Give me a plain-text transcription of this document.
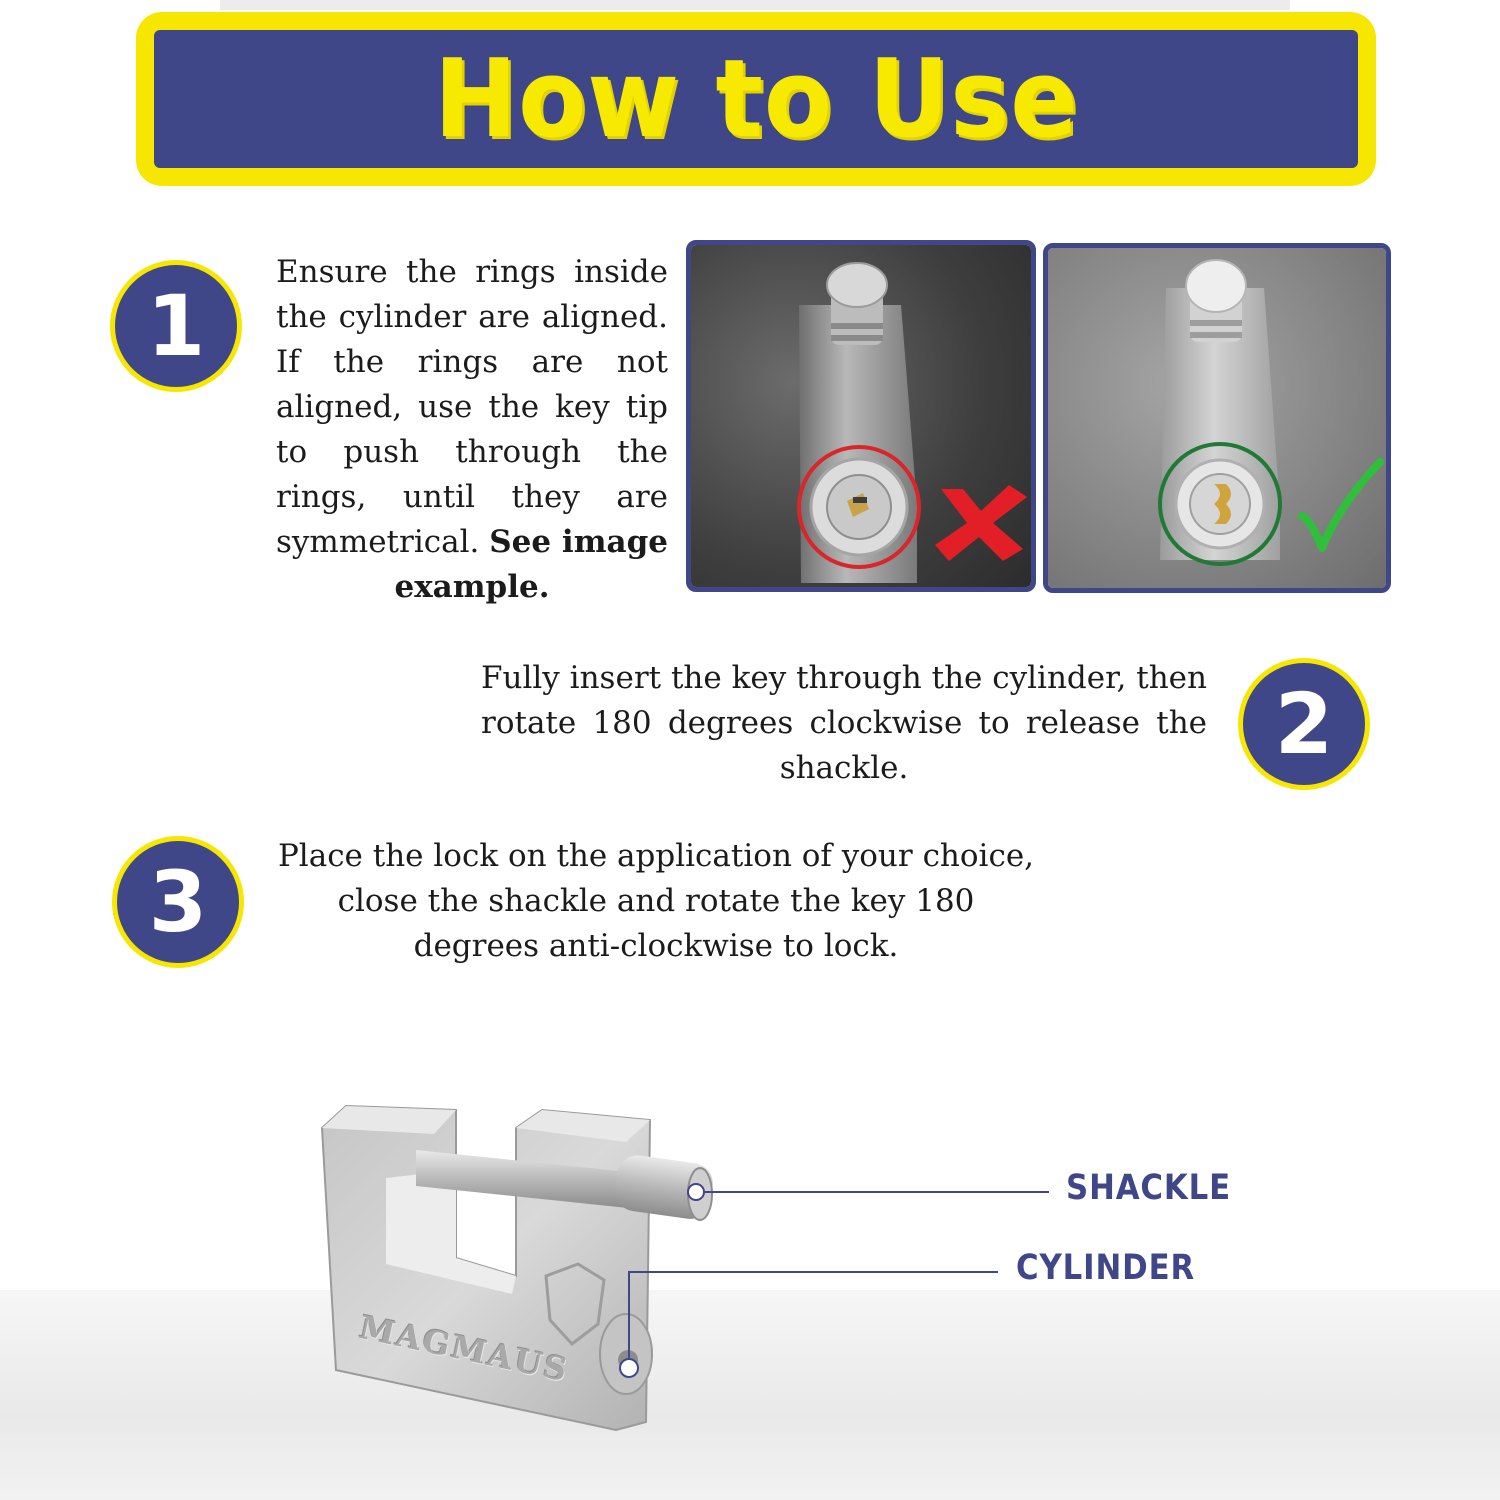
How to Use
1
Ensure the rings inside the cylinder are aligned. If the rings are not aligned, use the key tip to push through the rings, until they are symmetrical. See image example.
Fully insert the key through the cylinder, then rotate 180 degrees clockwise to release the shackle.	2
3 Place the lock on the application of your choice, close the shackle and rotate the key 180 degrees anti-clockwise to lock.
MAGMAUS
SHACKLE
CYLINDER
